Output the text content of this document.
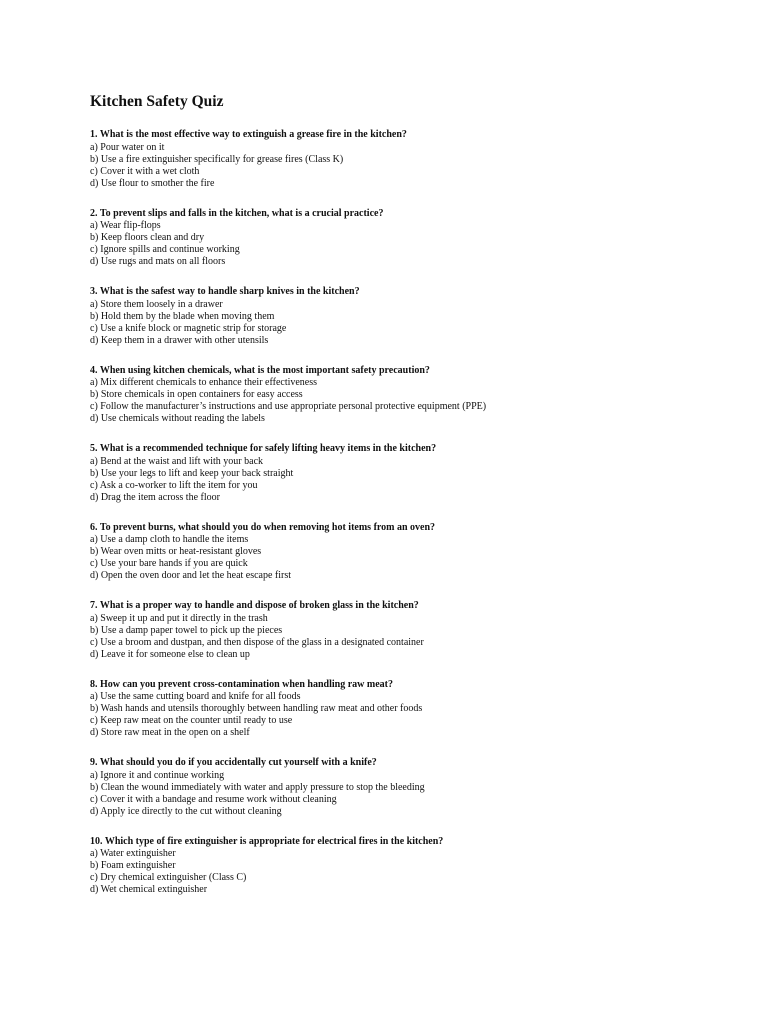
Kitchen Safety Quiz

1. What is the most effective way to extinguish a grease fire in the kitchen?

a) Pour water on it

b) Use a fire extinguisher specifically for grease fires (Class K)

c) Cover it with a wet cloth

d) Use flour to smother the fire

2. To prevent slips and falls in the kitchen, what is a crucial practice?

a) Wear flip-flops

b) Keep floors clean and dry

c) Ignore spills and continue working

d) Use rugs and mats on all floors

3. What is the safest way to handle sharp knives in the kitchen?

a) Store them loosely in a drawer

b) Hold them by the blade when moving them

c) Use a knife block or magnetic strip for storage

d) Keep them in a drawer with other utensils

4. When using kitchen chemicals, what is the most important safety precaution?

a) Mix different chemicals to enhance their effectiveness

b) Store chemicals in open containers for easy access

c) Follow the manufacturer’s instructions and use appropriate personal protective equipment (PPE)

d) Use chemicals without reading the labels

5. What is a recommended technique for safely lifting heavy items in the kitchen?

a) Bend at the waist and lift with your back

b) Use your legs to lift and keep your back straight

c) Ask a co-worker to lift the item for you

d) Drag the item across the floor

6. To prevent burns, what should you do when removing hot items from an oven?

a) Use a damp cloth to handle the items

b) Wear oven mitts or heat-resistant gloves

c) Use your bare hands if you are quick

d) Open the oven door and let the heat escape first

7. What is a proper way to handle and dispose of broken glass in the kitchen?

a) Sweep it up and put it directly in the trash

b) Use a damp paper towel to pick up the pieces

c) Use a broom and dustpan, and then dispose of the glass in a designated container

d) Leave it for someone else to clean up

8. How can you prevent cross-contamination when handling raw meat?

a) Use the same cutting board and knife for all foods

b) Wash hands and utensils thoroughly between handling raw meat and other foods

c) Keep raw meat on the counter until ready to use

d) Store raw meat in the open on a shelf

9. What should you do if you accidentally cut yourself with a knife?

a) Ignore it and continue working

b) Clean the wound immediately with water and apply pressure to stop the bleeding

c) Cover it with a bandage and resume work without cleaning

d) Apply ice directly to the cut without cleaning

10. Which type of fire extinguisher is appropriate for electrical fires in the kitchen?

a) Water extinguisher

b) Foam extinguisher

c) Dry chemical extinguisher (Class C)

d) Wet chemical extinguisher
